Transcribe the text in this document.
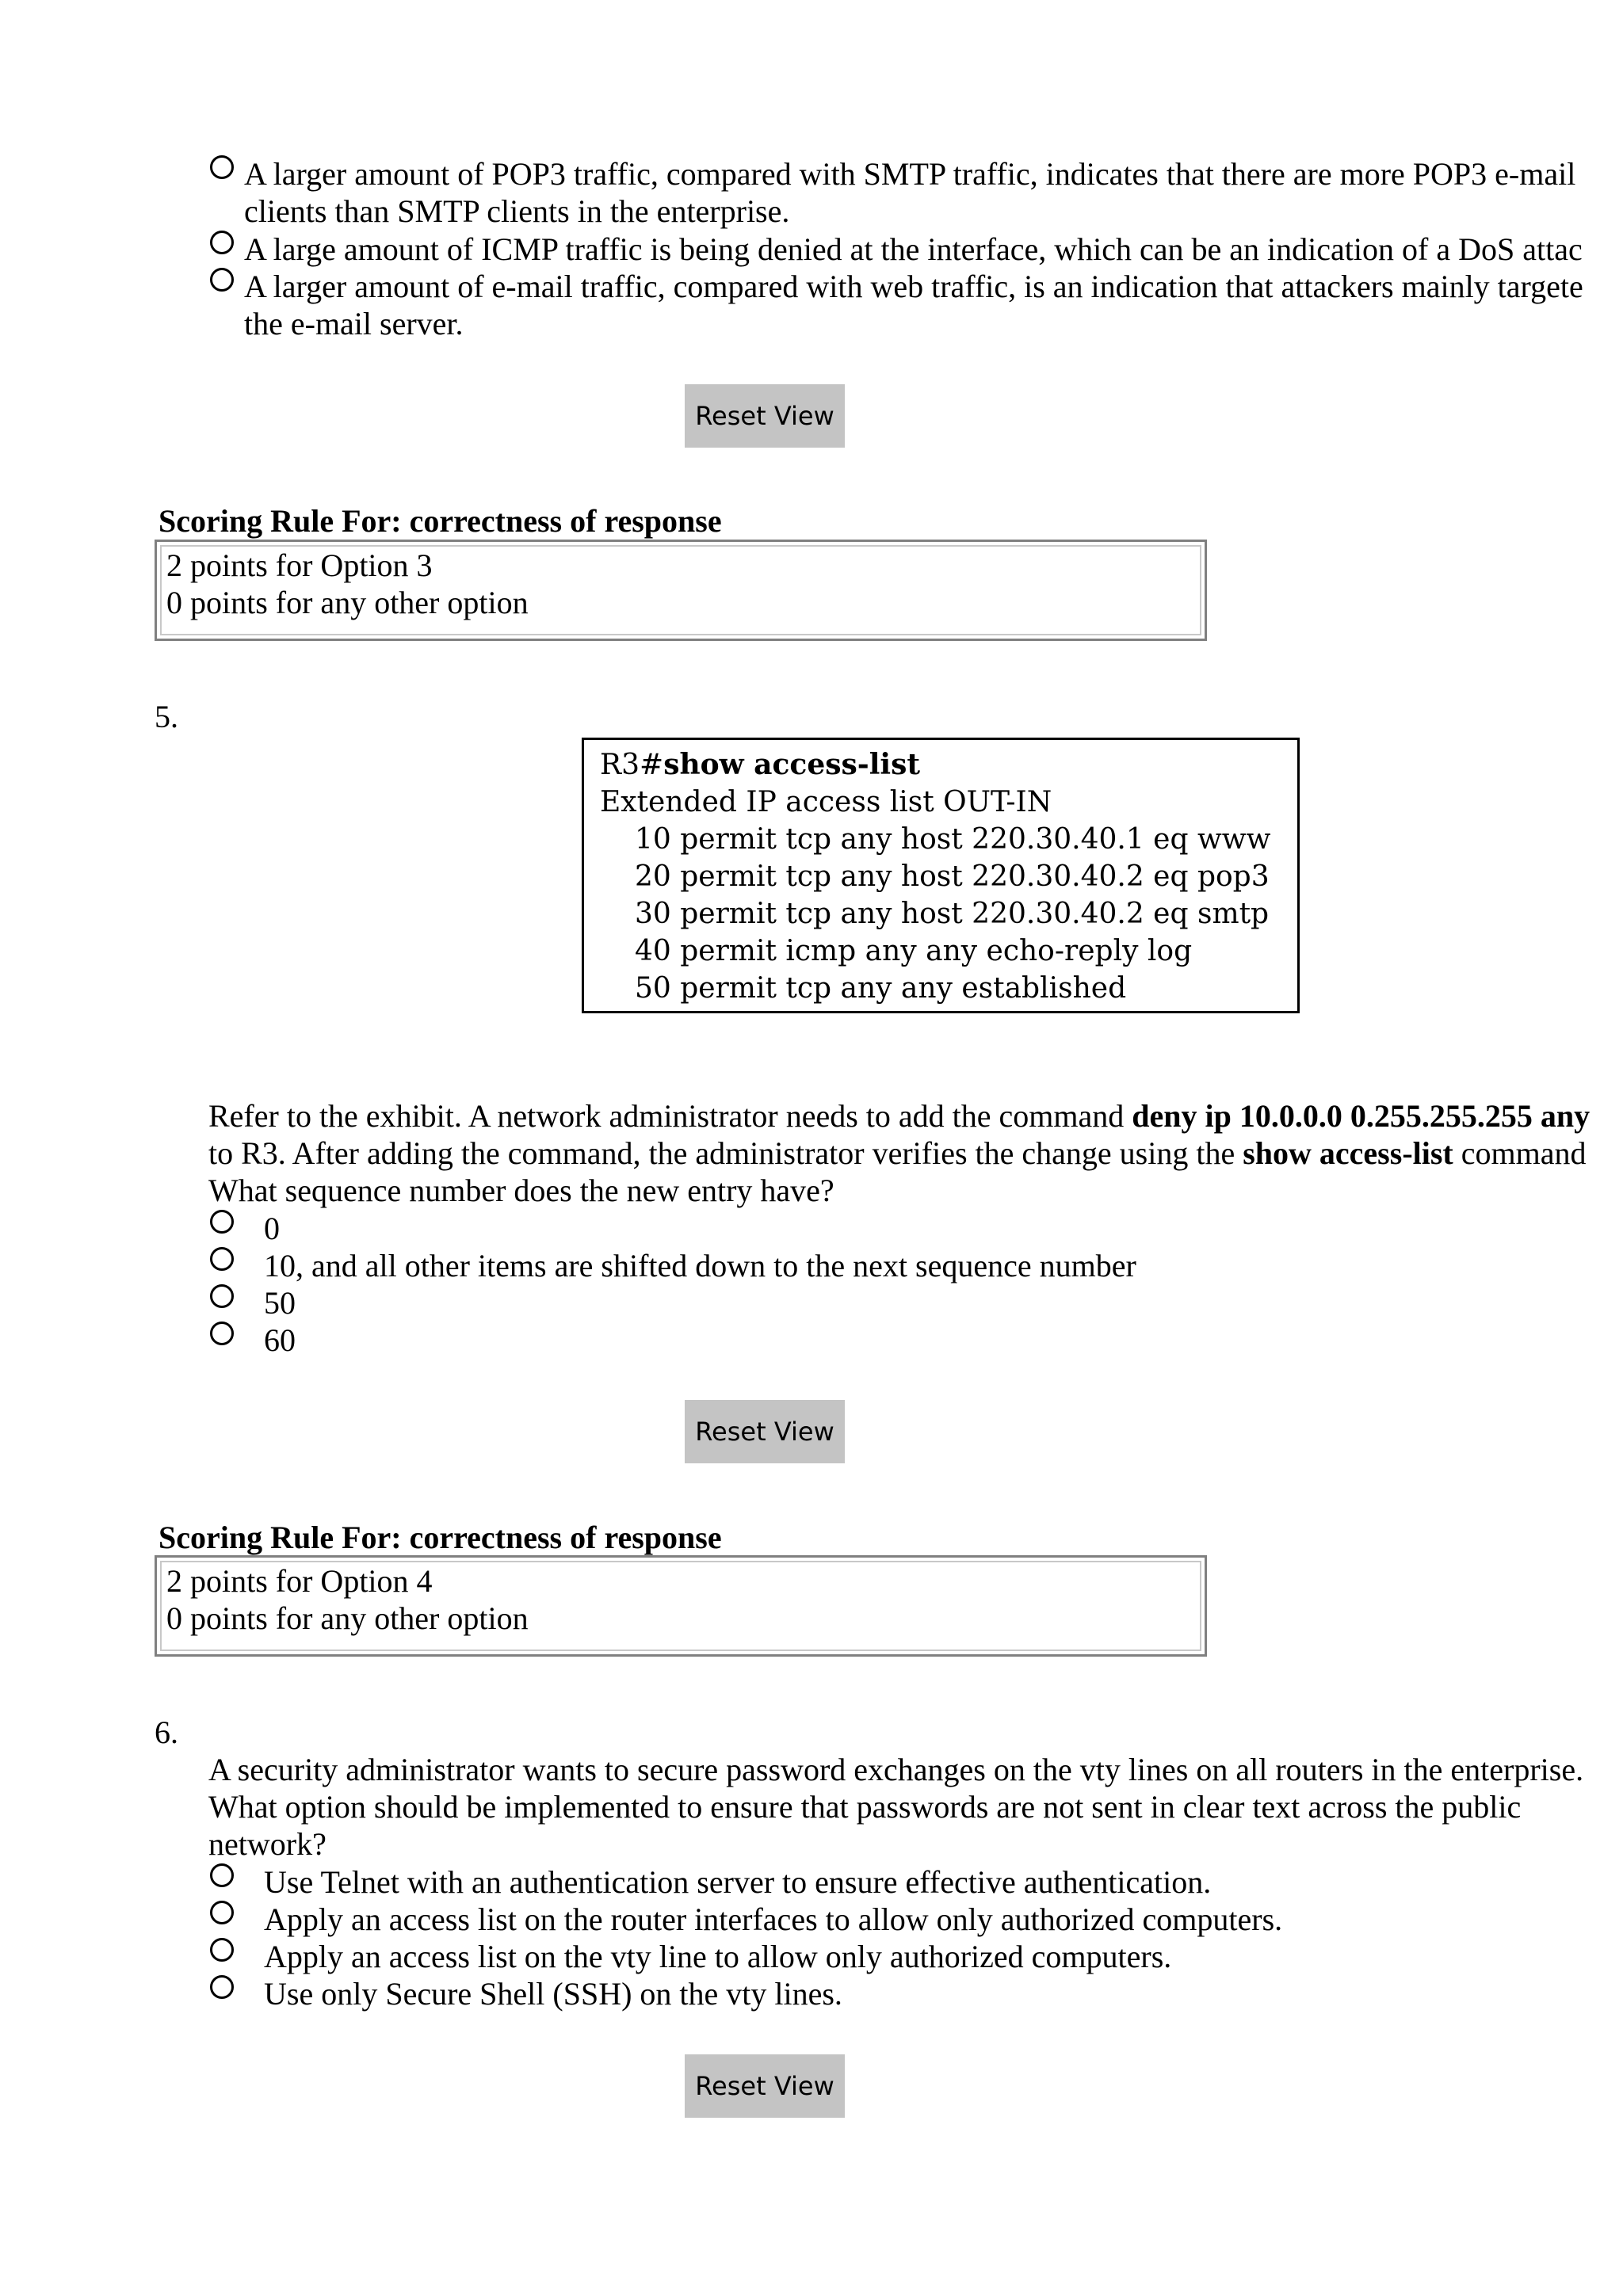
A larger amount of POP3 traffic, compared with SMTP traffic, indicates that there are more POP3 e-mail
clients than SMTP clients in the enterprise.
A large amount of ICMP traffic is being denied at the interface, which can be an indication of a DoS attac
A larger amount of e-mail traffic, compared with web traffic, is an indication that attackers mainly targete
the e-mail server.
Reset View
Scoring Rule For: correctness of response
2 points for Option 3
0 points for any other option
5.
R3#show access-list
Extended IP access list OUT-IN
10 permit tcp any host 220.30.40.1 eq www
20 permit tcp any host 220.30.40.2 eq pop3
30 permit tcp any host 220.30.40.2 eq smtp
40 permit icmp any any echo-reply log
50 permit tcp any any established
Refer to the exhibit. A network administrator needs to add the command deny ip 10.0.0.0 0.255.255.255 any
to R3. After adding the command, the administrator verifies the change using the show access-list command
What sequence number does the new entry have?
0
10, and all other items are shifted down to the next sequence number
50
60
Reset View
Scoring Rule For: correctness of response
2 points for Option 4
0 points for any other option
6.
A security administrator wants to secure password exchanges on the vty lines on all routers in the enterprise.
What option should be implemented to ensure that passwords are not sent in clear text across the public
network?
Use Telnet with an authentication server to ensure effective authentication.
Apply an access list on the router interfaces to allow only authorized computers.
Apply an access list on the vty line to allow only authorized computers.
Use only Secure Shell (SSH) on the vty lines.
Reset View
